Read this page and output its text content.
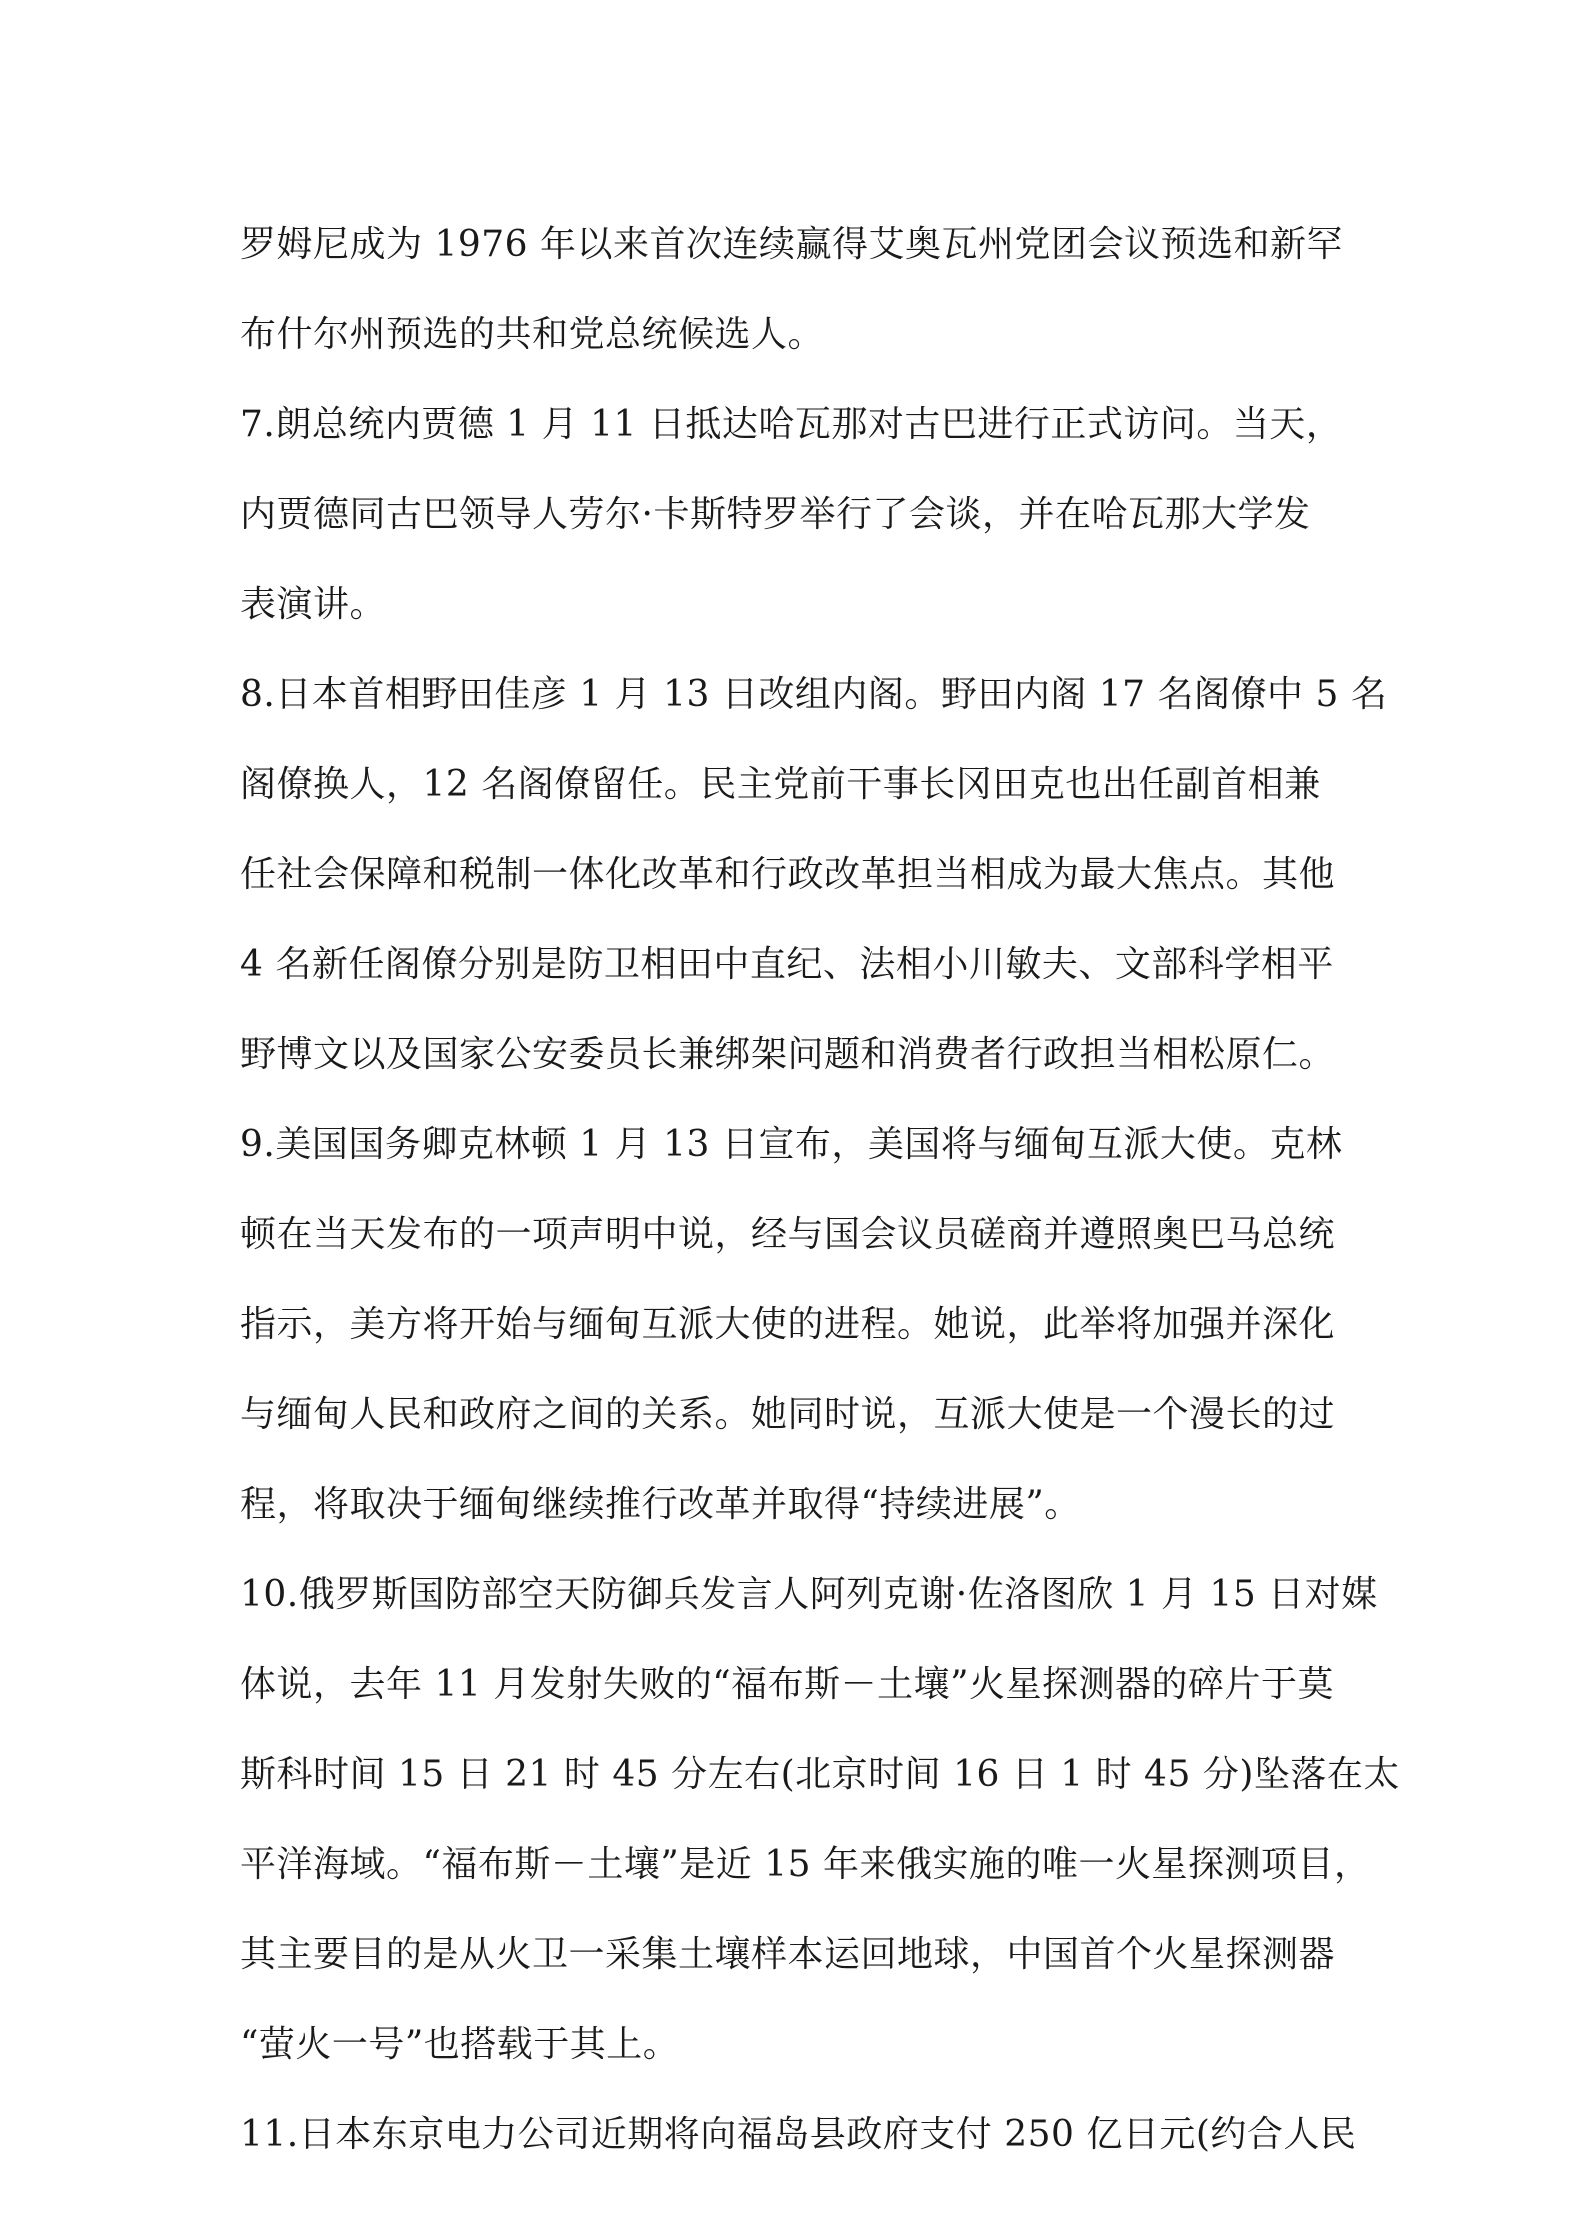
罗姆尼成为 1976 年以来首次连续赢得艾奥瓦州党团会议预选和新罕
布什尔州预选的共和党总统候选人。
7.朗总统内贾德 1 月 11 日抵达哈瓦那对古巴进行正式访问。当天，
内贾德同古巴领导人劳尔·卡斯特罗举行了会谈，并在哈瓦那大学发
表演讲。
8.日本首相野田佳彦 1 月 13 日改组内阁。野田内阁 17 名阁僚中 5 名
阁僚换人，12 名阁僚留任。民主党前干事长冈田克也出任副首相兼
任社会保障和税制一体化改革和行政改革担当相成为最大焦点。其他
4 名新任阁僚分别是防卫相田中直纪、法相小川敏夫、文部科学相平
野博文以及国家公安委员长兼绑架问题和消费者行政担当相松原仁。
9.美国国务卿克林顿 1 月 13 日宣布，美国将与缅甸互派大使。克林
顿在当天发布的一项声明中说，经与国会议员磋商并遵照奥巴马总统
指示，美方将开始与缅甸互派大使的进程。她说，此举将加强并深化
与缅甸人民和政府之间的关系。她同时说，互派大使是一个漫长的过
程，将取决于缅甸继续推行改革并取得“持续进展”。
10.俄罗斯国防部空天防御兵发言人阿列克谢·佐洛图欣 1 月 15 日对媒
体说，去年 11 月发射失败的“福布斯－土壤”火星探测器的碎片于莫
斯科时间 15 日 21 时 45 分左右(北京时间 16 日 1 时 45 分)坠落在太
平洋海域。“福布斯－土壤”是近 15 年来俄实施的唯一火星探测项目，
其主要目的是从火卫一采集土壤样本运回地球，中国首个火星探测器
“萤火一号”也搭载于其上。
11.日本东京电力公司近期将向福岛县政府支付 250 亿日元(约合人民
